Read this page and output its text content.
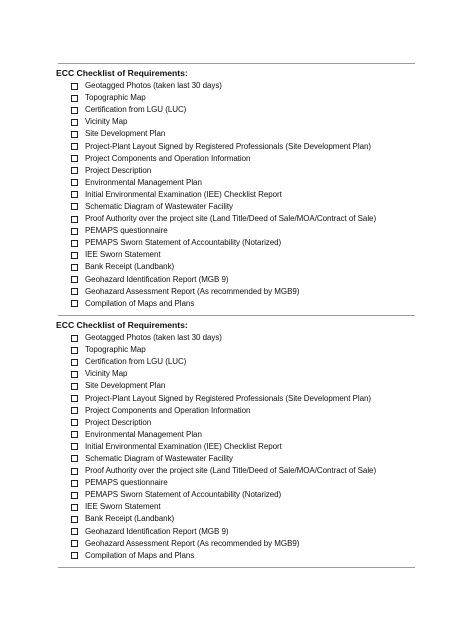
ECC Checklist of Requirements:
Geotagged Photos (taken last 30 days)
Topographic Map
Certification from LGU (LUC)
Vicinity Map
Site Development Plan
Project-Plant Layout Signed by Registered Professionals (Site Development Plan)
Project Components and Operation Information
Project Description
Environmental Management Plan
Initial Environmental Examination (IEE) Checklist Report
Schematic Diagram of Wastewater Facility
Proof Authority over the project site (Land Title/Deed of Sale/MOA/Contract of Sale)
PEMAPS questionnaire
PEMAPS Sworn Statement of Accountability (Notarized)
IEE Sworn Statement
Bank Receipt (Landbank)
Geohazard Identification Report (MGB 9)
Geohazard Assessment Report (As recommended by MGB9)
Compilation of Maps and Plans
ECC Checklist of Requirements:
Geotagged Photos (taken last 30 days)
Topographic Map
Certification from LGU (LUC)
Vicinity Map
Site Development Plan
Project-Plant Layout Signed by Registered Professionals (Site Development Plan)
Project Components and Operation Information
Project Description
Environmental Management Plan
Initial Environmental Examination (IEE) Checklist Report
Schematic Diagram of Wastewater Facility
Proof Authority over the project site (Land Title/Deed of Sale/MOA/Contract of Sale)
PEMAPS questionnaire
PEMAPS Sworn Statement of Accountability (Notarized)
IEE Sworn Statement
Bank Receipt (Landbank)
Geohazard Identification Report (MGB 9)
Geohazard Assessment Report (As recommended by MGB9)
Compilation of Maps and Plans
